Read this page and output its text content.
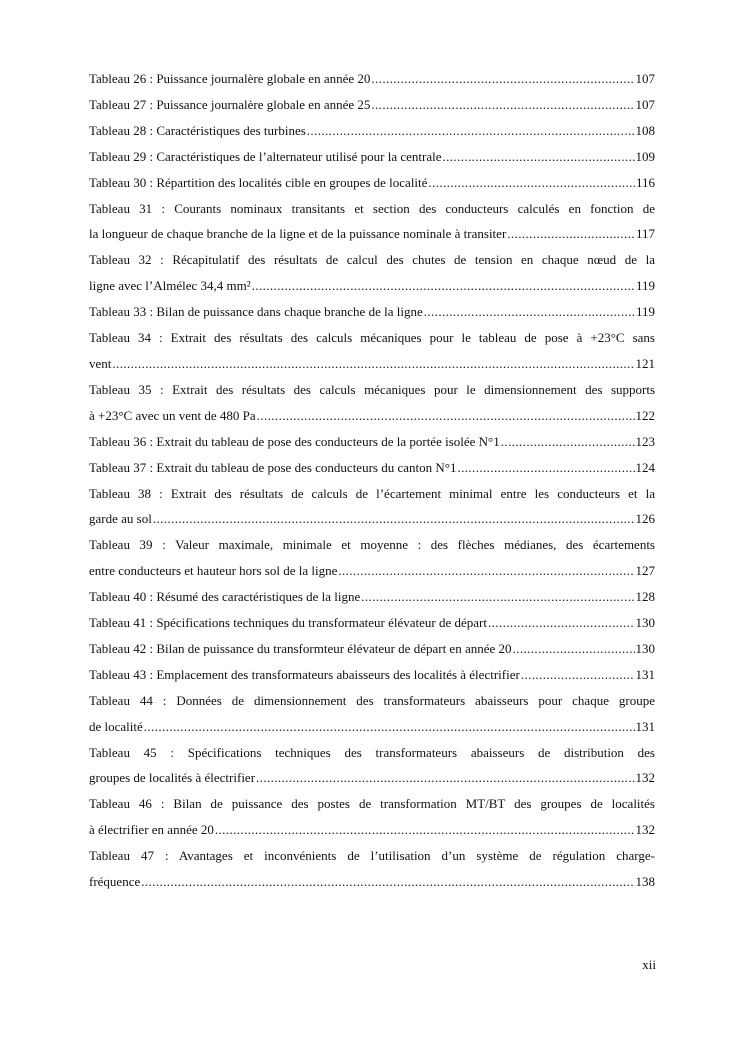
Tableau 26 : Puissance journalère globale en année 20 .....	107
Tableau 27 : Puissance journalère globale en année 25 .....	107
Tableau 28 : Caractéristiques des turbines .....	108
Tableau 29 : Caractéristiques de l’alternateur utilisé pour la centrale .....	109
Tableau 30 : Répartition des localités cible en groupes de localité .....	116
Tableau 31 : Courants nominaux transitants et section des conducteurs calculés en fonction de
la longueur de chaque branche de la ligne et de la puissance nominale à transiter .....	117
Tableau 32 : Récapitulatif des résultats de calcul des chutes de tension en chaque nœud de la
ligne avec l’Almélec 34,4 mm² .....	119
Tableau 33 : Bilan de puissance dans chaque branche de la ligne .....	119
Tableau 34 : Extrait des résultats des calculs mécaniques pour le tableau de pose à +23°C sans
vent .....	121
Tableau 35 : Extrait des résultats des calculs mécaniques pour le dimensionnement des supports
à +23°C avec un vent de 480 Pa .....	122
Tableau 36 : Extrait du tableau de pose des conducteurs de la portée isolée N°1 .....	123
Tableau 37 : Extrait du tableau de pose des conducteurs du canton N°1 .....	124
Tableau 38 : Extrait des résultats de calculs de l’écartement minimal entre les conducteurs et la
garde au sol .....	126
Tableau 39 : Valeur maximale, minimale et moyenne : des flèches médianes, des écartements
entre conducteurs et hauteur hors sol de la ligne .....	127
Tableau 40 : Résumé des caractéristiques de la ligne .....	128
Tableau 41 : Spécifications techniques du transformateur élévateur de départ .....	130
Tableau 42 : Bilan de puissance du transformteur élévateur de départ en année 20 .....	130
Tableau 43 : Emplacement des transformateurs abaisseurs des localités à électrifier .....	131
Tableau 44 : Données de dimensionnement des transformateurs abaisseurs pour chaque groupe
de localité .....	131
Tableau 45 : Spécifications techniques des transformateurs abaisseurs de distribution des
groupes de localités à électrifier .....	132
Tableau 46 : Bilan de puissance des postes de transformation MT/BT des groupes de localités
à électrifier en année 20 .....	132
Tableau 47 : Avantages et inconvénients de l’utilisation d’un système de régulation charge-
fréquence .....	138
xii
